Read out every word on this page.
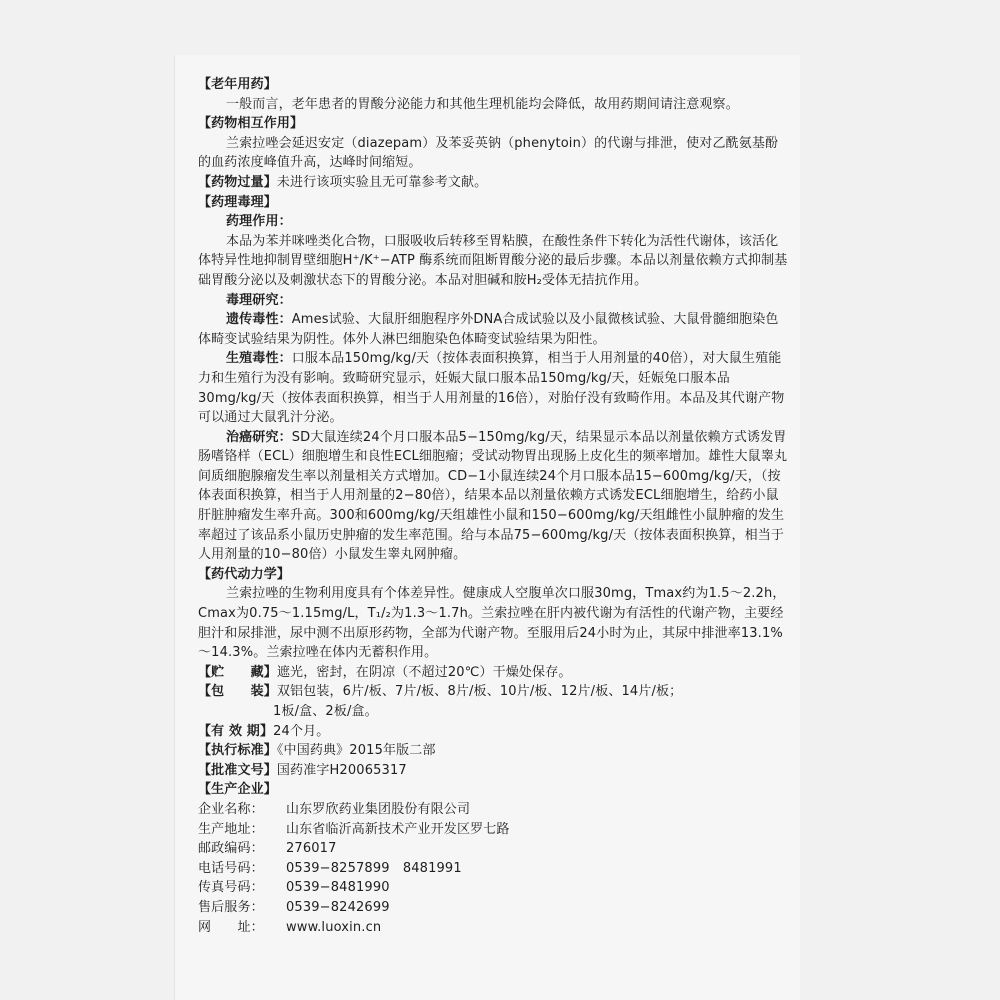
【老年用药】

一般而言，老年患者的胃酸分泌能力和其他生理机能均会降低，故用药期间请注意观察。

【药物相互作用】

兰索拉唑会延迟安定（diazepam）及苯妥英钠（phenytoin）的代谢与排泄，使对乙酰氨基酚的血药浓度峰值升高，达峰时间缩短。

【药物过量】未进行该项实验且无可靠参考文献。

【药理毒理】

药理作用：

本品为苯并咪唑类化合物，口服吸收后转移至胃粘膜，在酸性条件下转化为活性代谢体，该活化体特异性地抑制胃壁细胞H⁺/K⁺−ATP 酶系统而阻断胃酸分泌的最后步骤。本品以剂量依赖方式抑制基础胃酸分泌以及刺激状态下的胃酸分泌。本品对胆碱和胺H₂受体无拮抗作用。

毒理研究：

遗传毒性：Ames试验、大鼠肝细胞程序外DNA合成试验以及小鼠微核试验、大鼠骨髓细胞染色体畸变试验结果为阴性。体外人淋巴细胞染色体畸变试验结果为阳性。

生殖毒性：口服本品150mg/kg/天（按体表面积换算，相当于人用剂量的40倍），对大鼠生殖能力和生殖行为没有影响。致畸研究显示，妊娠大鼠口服本品150mg/kg/天，妊娠兔口服本品30mg/kg/天（按体表面积换算，相当于人用剂量的16倍），对胎仔没有致畸作用。本品及其代谢产物可以通过大鼠乳汁分泌。

治癌研究：SD大鼠连续24个月口服本品5−150mg/kg/天，结果显示本品以剂量依赖方式诱发胃肠嗜铬样（ECL）细胞增生和良性ECL细胞瘤；受试动物胃出现肠上皮化生的频率增加。雄性大鼠睾丸间质细胞腺瘤发生率以剂量相关方式增加。CD−1小鼠连续24个月口服本品15−600mg/kg/天，（按体表面积换算，相当于人用剂量的2−80倍），结果本品以剂量依赖方式诱发ECL细胞增生，给药小鼠肝脏肿瘤发生率升高。300和600mg/kg/天组雄性小鼠和150−600mg/kg/天组雌性小鼠肿瘤的发生率超过了该品系小鼠历史肿瘤的发生率范围。给与本品75−600mg/kg/天（按体表面积换算，相当于人用剂量的10−80倍）小鼠发生睾丸网肿瘤。

【药代动力学】

兰索拉唑的生物利用度具有个体差异性。健康成人空腹单次口服30mg，Tmax约为1.5～2.2h，Cmax为0.75～1.15mg/L，T₁/₂为1.3～1.7h。兰索拉唑在肝内被代谢为有活性的代谢产物，主要经胆汁和尿排泄，尿中测不出原形药物，全部为代谢产物。至服用后24小时为止，其尿中排泄率13.1%～14.3%。兰索拉唑在体内无蓄积作用。

【贮　　藏】遮光，密封，在阴凉（不超过20℃）干燥处保存。

【包　　装】双铝包装，6片/板、7片/板、8片/板、10片/板、12片/板、14片/板；

1板/盒、2板/盒。

【有 效 期】24个月。

【执行标准】《中国药典》2015年版二部

【批准文号】国药准字H20065317

【生产企业】

企业名称：	山东罗欣药业集团股份有限公司
生产地址：	山东省临沂高新技术产业开发区罗七路
邮政编码：	276017
电话号码：	0539−8257899　8481991
传真号码：	0539−8481990
售后服务：	0539−8242699
网　　址：	www.luoxin.cn
